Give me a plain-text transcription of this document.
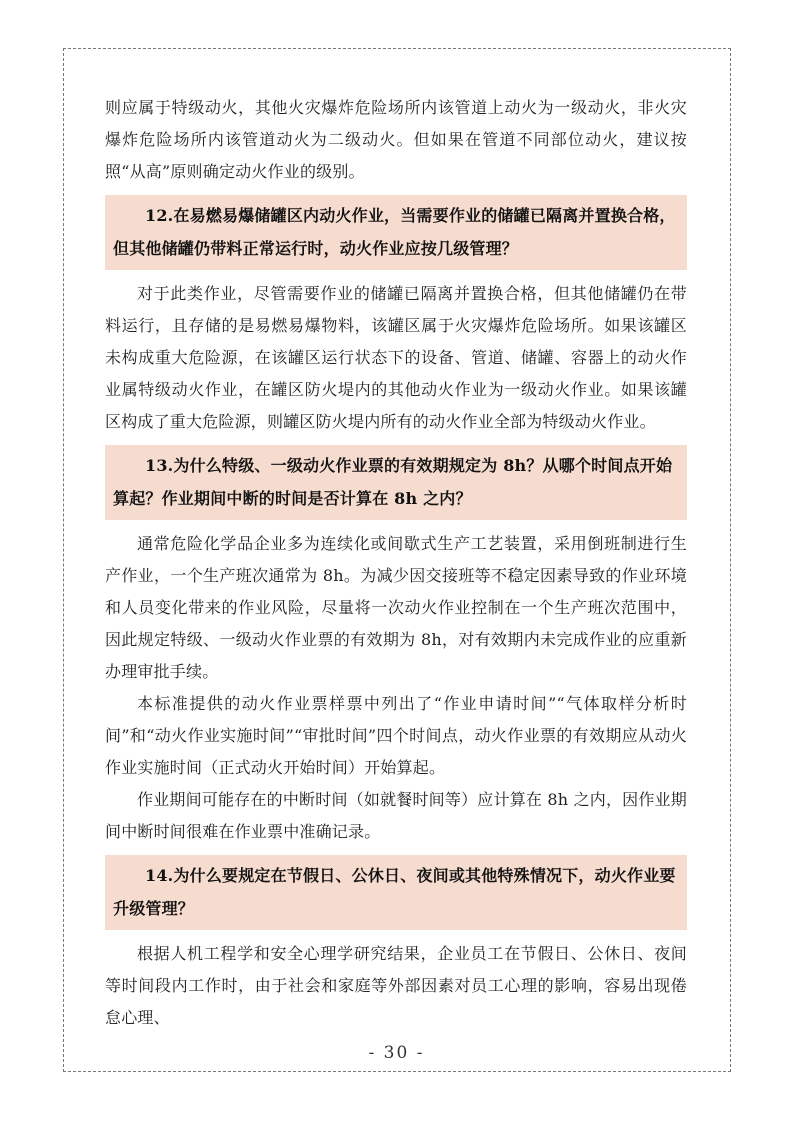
则应属于特级动火，其他火灾爆炸危险场所内该管道上动火为一级动火，非火灾爆炸危险场所内该管道动火为二级动火。但如果在管道不同部位动火，建议按照“从高”原则确定动火作业的级别。

12.在易燃易爆储罐区内动火作业，当需要作业的储罐已隔离并置换合格，但其他储罐仍带料正常运行时，动火作业应按几级管理？

对于此类作业，尽管需要作业的储罐已隔离并置换合格，但其他储罐仍在带料运行，且存储的是易燃易爆物料，该罐区属于火灾爆炸危险场所。如果该罐区未构成重大危险源，在该罐区运行状态下的设备、管道、储罐、容器上的动火作业属特级动火作业，在罐区防火堤内的其他动火作业为一级动火作业。如果该罐区构成了重大危险源，则罐区防火堤内所有的动火作业全部为特级动火作业。

13.为什么特级、一级动火作业票的有效期规定为 8h？从哪个时间点开始算起？作业期间中断的时间是否计算在 8h 之内？

通常危险化学品企业多为连续化或间歇式生产工艺装置，采用倒班制进行生产作业，一个生产班次通常为 8h。为减少因交接班等不稳定因素导致的作业环境和人员变化带来的作业风险，尽量将一次动火作业控制在一个生产班次范围中，因此规定特级、一级动火作业票的有效期为 8h，对有效期内未完成作业的应重新办理审批手续。

本标准提供的动火作业票样票中列出了“作业申请时间”“气体取样分析时间”和“动火作业实施时间”“审批时间”四个时间点，动火作业票的有效期应从动火作业实施时间（正式动火开始时间）开始算起。

作业期间可能存在的中断时间（如就餐时间等）应计算在 8h 之内，因作业期间中断时间很难在作业票中准确记录。

14.为什么要规定在节假日、公休日、夜间或其他特殊情况下，动火作业要升级管理？

根据人机工程学和安全心理学研究结果，企业员工在节假日、公休日、夜间等时间段内工作时，由于社会和家庭等外部因素对员工心理的影响，容易出现倦怠心理、

- 30 -
